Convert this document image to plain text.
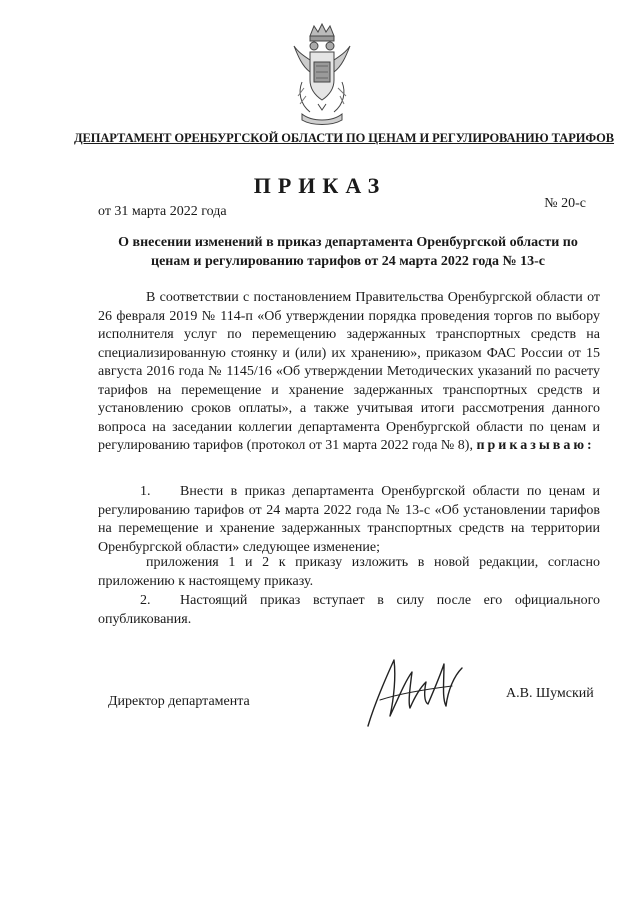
ДЕПАРТАМЕНТ ОРЕНБУРГСКОЙ ОБЛАСТИ ПО ЦЕНАМ И РЕГУЛИРОВАНИЮ ТАРИФОВ
ПРИКАЗ
от 31 марта 2022 года
№ 20-с
О внесении изменений в приказ департамента Оренбургской области по ценам и регулированию тарифов от 24 марта 2022 года № 13-с
В соответствии с постановлением Правительства Оренбургской области от 26 февраля 2019 № 114-п «Об утверждении порядка проведения торгов по выбору исполнителя услуг по перемещению задержанных транспортных средств на специализированную стоянку и (или) их хранению», приказом ФАС России от 15 августа 2016 года № 1145/16 «Об утверждении Методических указаний по расчету тарифов на перемещение и хранение задержанных транспортных средств и установлению сроков оплаты», а также учитывая итоги рассмотрения данного вопроса на заседании коллегии департамента Оренбургской области по ценам и регулированию тарифов (протокол от 31 марта 2022 года № 8), приказываю:
1. Внести в приказ департамента Оренбургской области по ценам и регулированию тарифов от 24 марта 2022 года № 13-с «Об установлении тарифов на перемещение и хранение задержанных транспортных средств на территории Оренбургской области» следующее изменение;
приложения 1 и 2 к приказу изложить в новой редакции, согласно приложению к настоящему приказу.
2. Настоящий приказ вступает в силу после его официального опубликования.
Директор департамента
А.В. Шумский
